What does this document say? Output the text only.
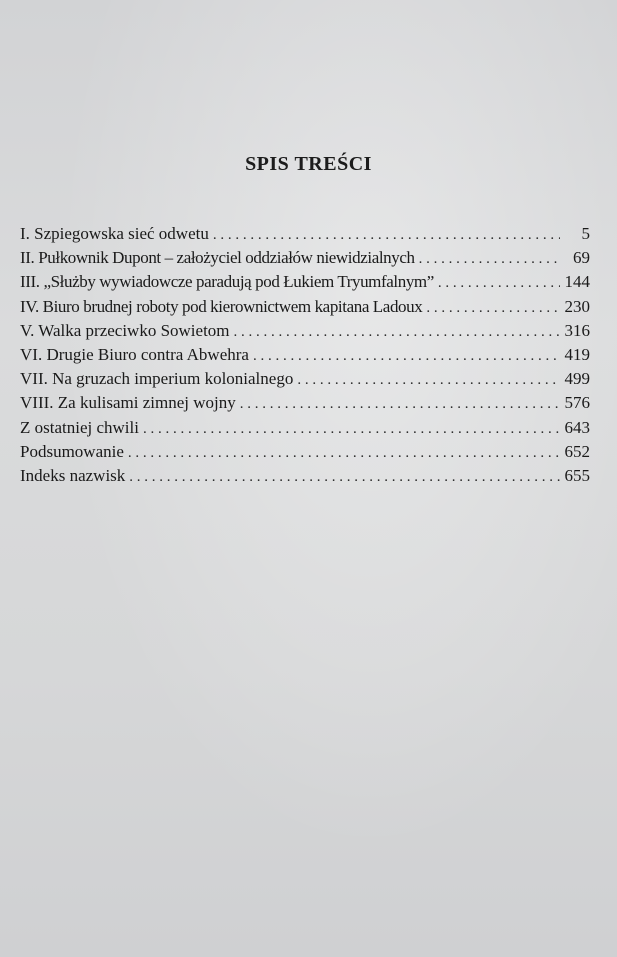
SPIS TREŚCI
I. Szpiegowska sieć odwetu . . .	5
II. Pułkownik Dupont – założyciel oddziałów niewidzialnych . . .	69
III. „Służby wywiadowcze paradują pod Łukiem Tryumfalnym” . . .	144
IV. Biuro brudnej roboty pod kierownictwem kapitana Ladoux . . .	230
V. Walka przeciwko Sowietom . . .	316
VI. Drugie Biuro contra Abwehra . . .	419
VII. Na gruzach imperium kolonialnego . . .	499
VIII. Za kulisami zimnej wojny . . .	576
Z ostatniej chwili . . .	643
Podsumowanie . . .	652
Indeks nazwisk . . .	655
